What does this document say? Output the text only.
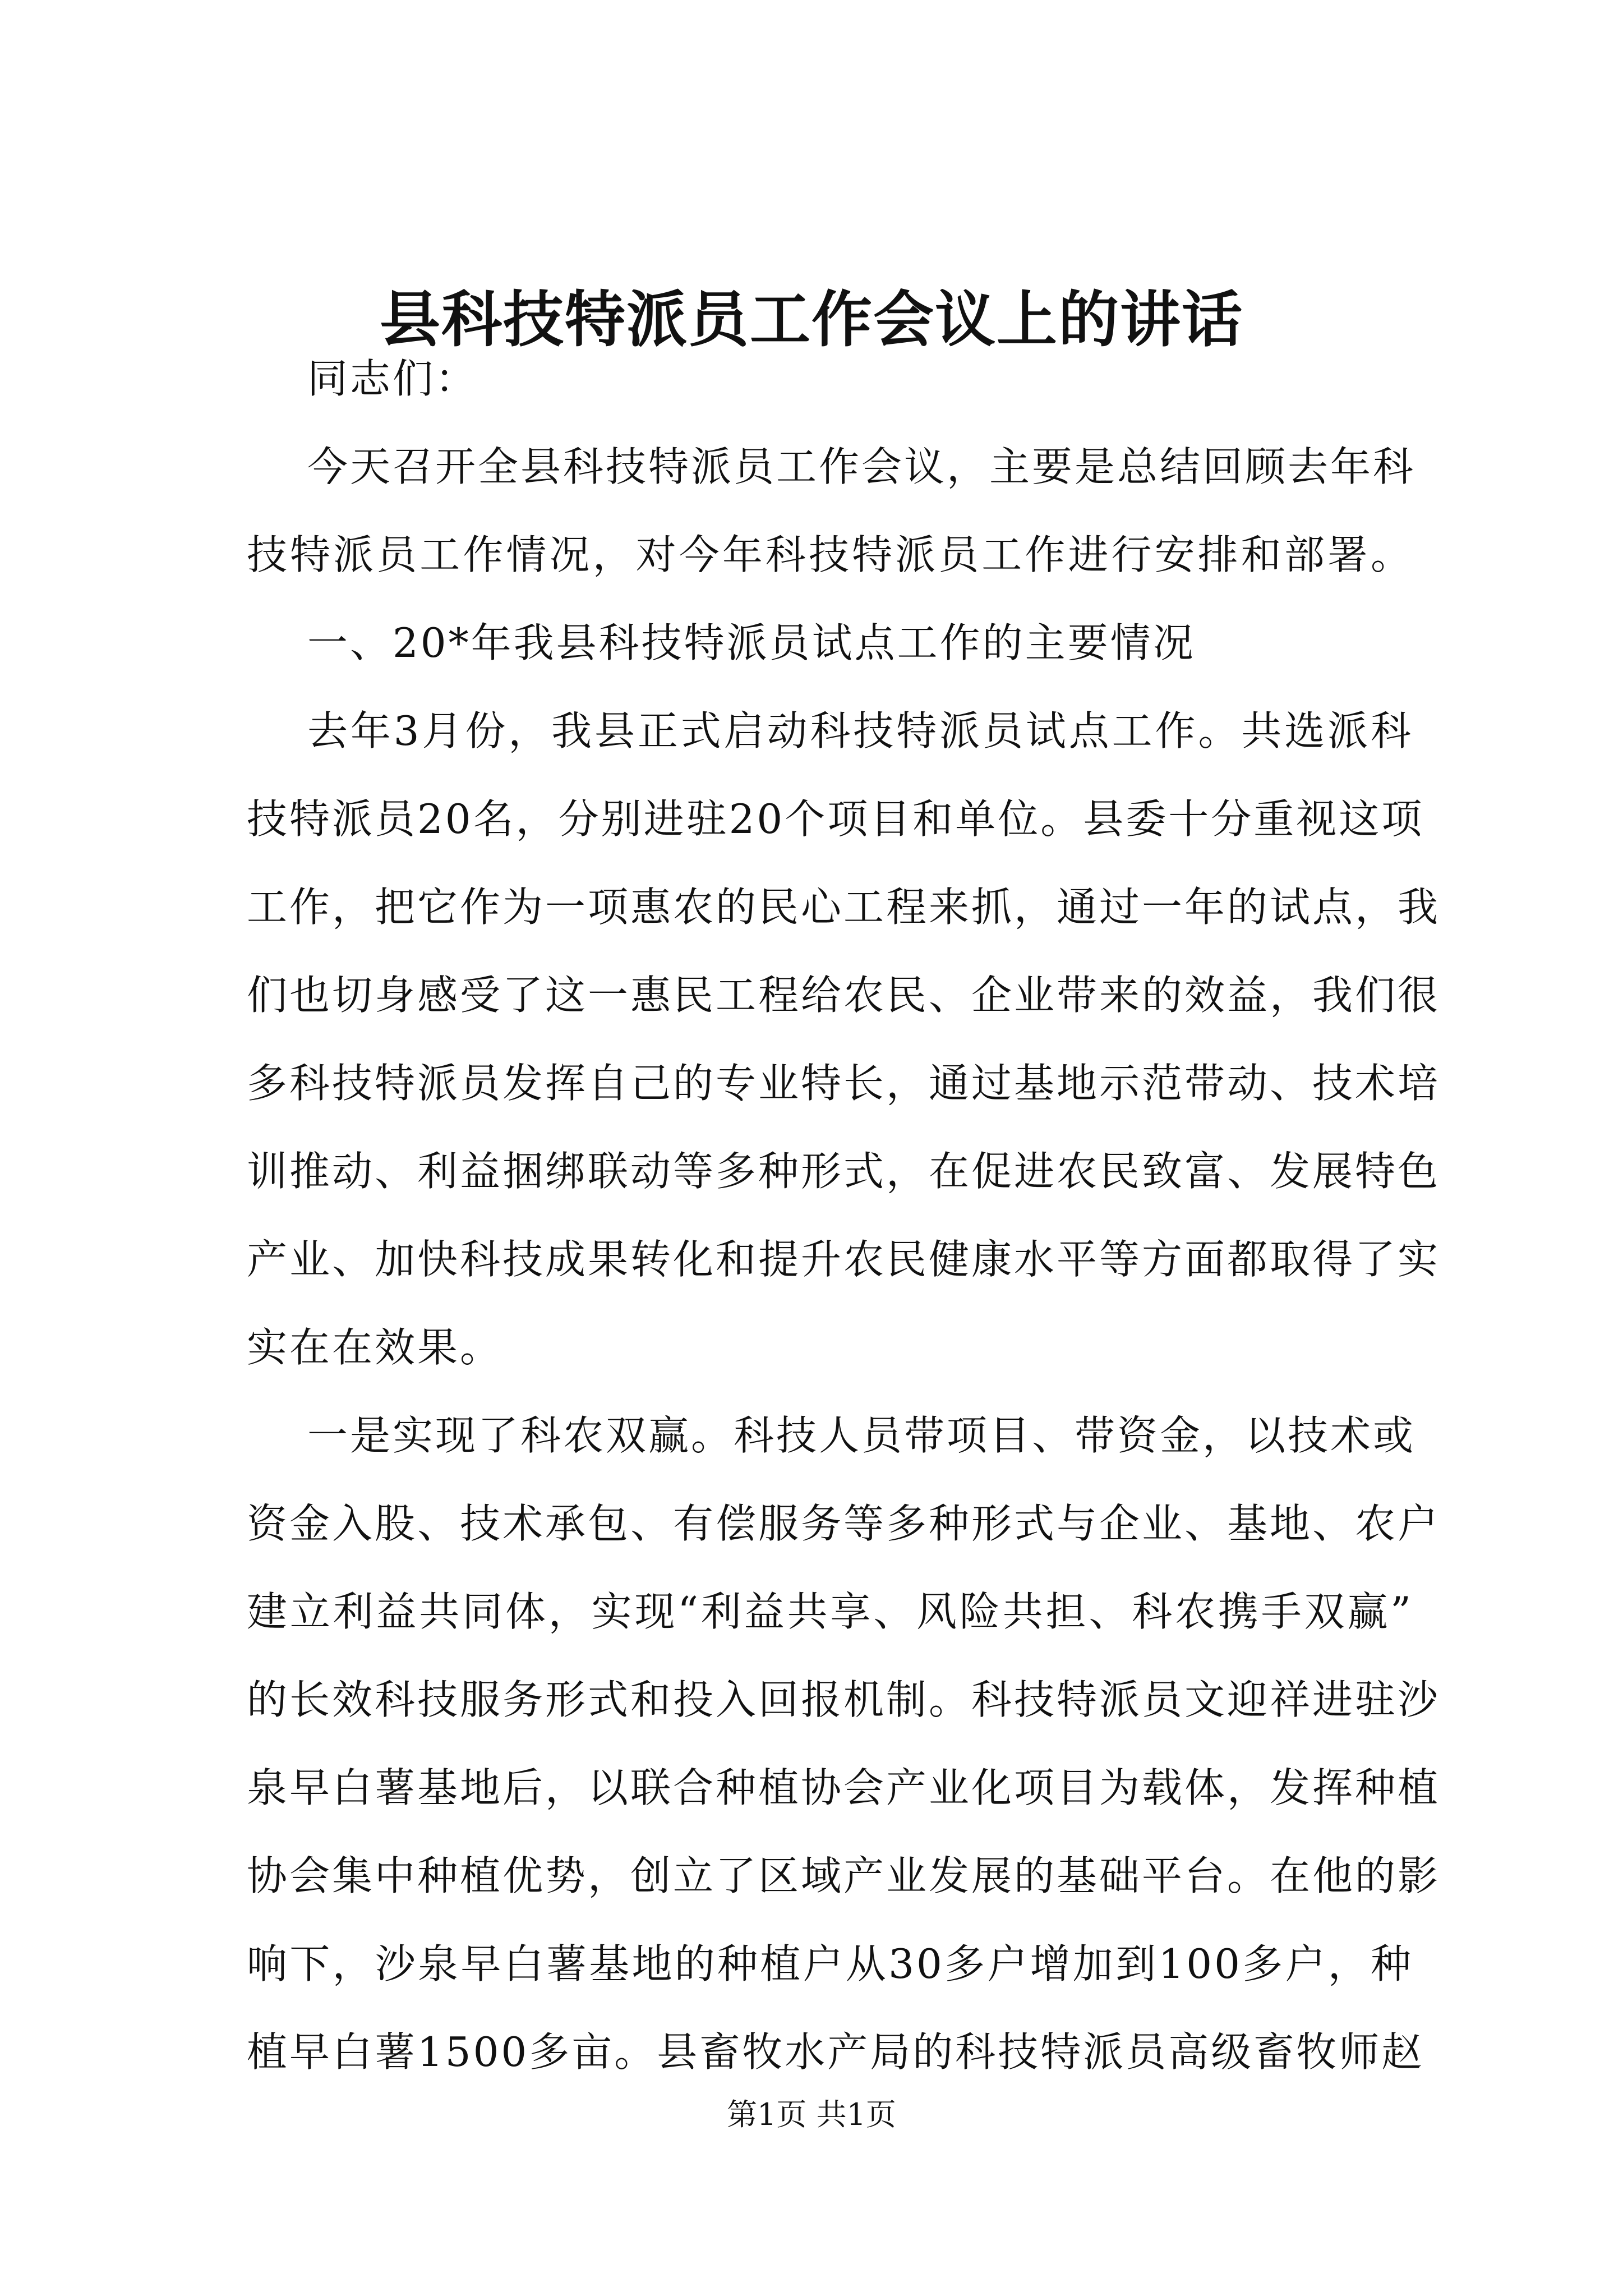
县科技特派员工作会议上的讲话
同志们：
今天召开全县科技特派员工作会议，主要是总结回顾去年科
技特派员工作情况，对今年科技特派员工作进行安排和部署。
一、20*年我县科技特派员试点工作的主要情况
去年3月份，我县正式启动科技特派员试点工作。共选派科
技特派员20名，分别进驻20个项目和单位。县委十分重视这项
工作，把它作为一项惠农的民心工程来抓，通过一年的试点，我
们也切身感受了这一惠民工程给农民、企业带来的效益，我们很
多科技特派员发挥自己的专业特长，通过基地示范带动、技术培
训推动、利益捆绑联动等多种形式，在促进农民致富、发展特色
产业、加快科技成果转化和提升农民健康水平等方面都取得了实
实在在效果。
一是实现了科农双赢。科技人员带项目、带资金，以技术或
资金入股、技术承包、有偿服务等多种形式与企业、基地、农户
建立利益共同体，实现“利益共享、风险共担、科农携手双赢”
的长效科技服务形式和投入回报机制。科技特派员文迎祥进驻沙
泉早白薯基地后，以联合种植协会产业化项目为载体，发挥种植
协会集中种植优势，创立了区域产业发展的基础平台。在他的影
响下，沙泉早白薯基地的种植户从30多户增加到100多户，种
第1页 共1页
植早白薯1500多亩。县畜牧水产局的科技特派员高级畜牧师赵
